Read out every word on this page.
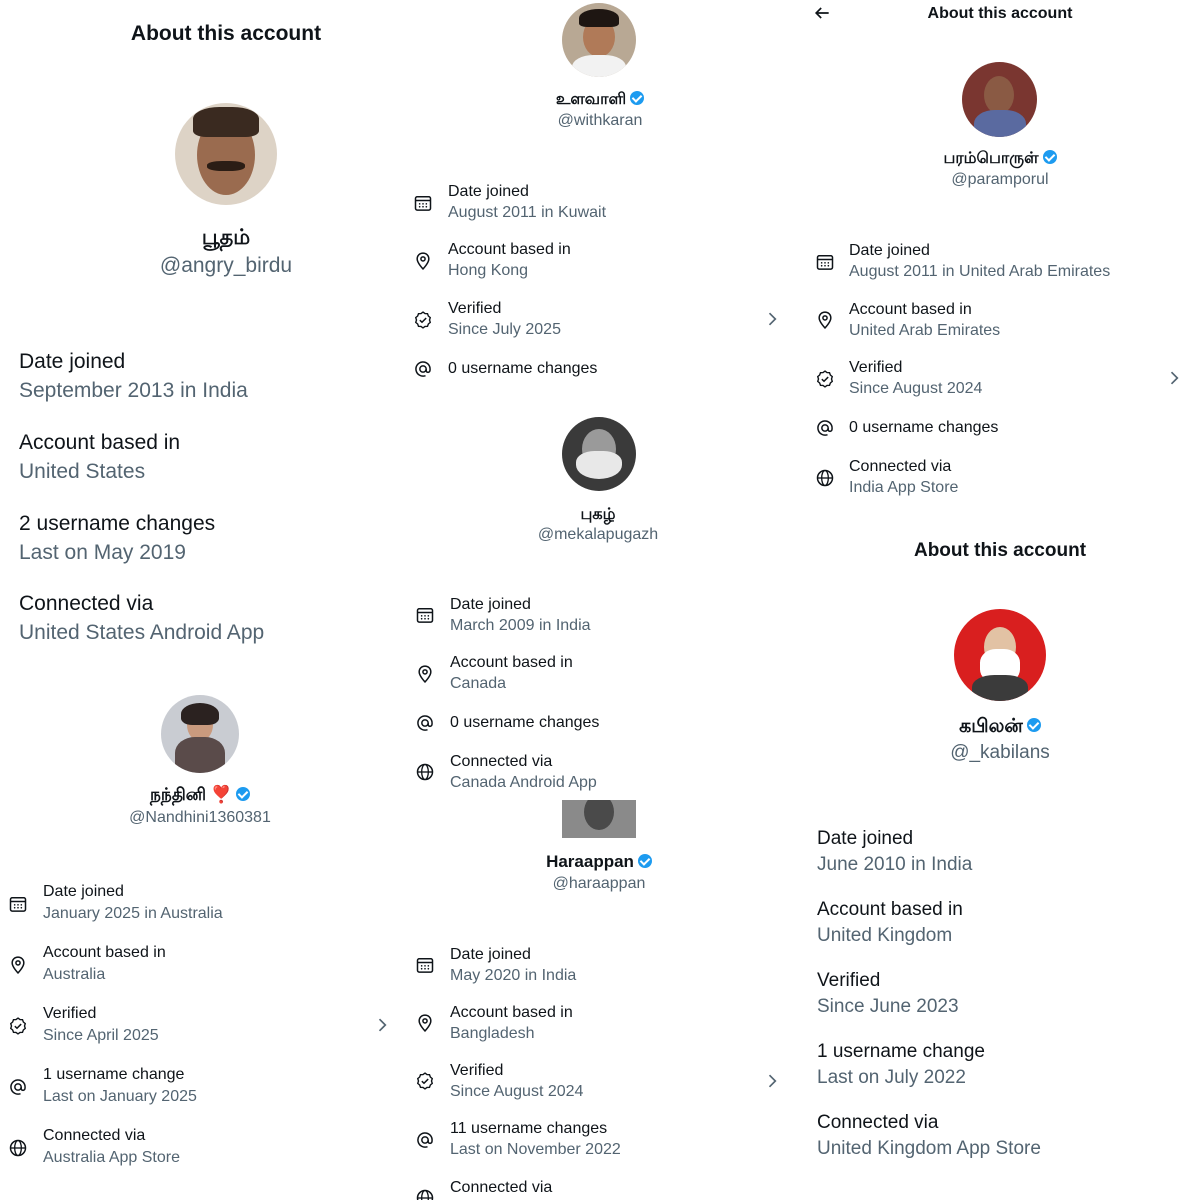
About this account
பூதம்
@angry_birdu
Date joined
September 2013 in India
Account based in
United States
2 username changes
Last on May 2019
Connected via
United States Android App
நந்தினி ❣️
@Nandhini1360381
Date joined
January 2025 in Australia
Account based in
Australia
Verified
Since April 2025
1 username change
Last on January 2025
Connected via
Australia App Store
உளவாளி
@withkaran
Date joined
August 2011 in Kuwait
Account based in
Hong Kong
Verified
Since July 2025
0 username changes
புகழ்
@mekalapugazh
Date joined
March 2009 in India
Account based in
Canada
0 username changes
Connected via
Canada Android App
Haraappan
@haraappan
Date joined
May 2020 in India
Account based in
Bangladesh
Verified
Since August 2024
11 username changes
Last on November 2022
Connected via
About this account
பரம்பொருள்
@paramporul
Date joined
August 2011 in United Arab Emirates
Account based in
United Arab Emirates
Verified
Since August 2024
0 username changes
Connected via
India App Store
About this account
கபிலன்
@_kabilans
Date joined
June 2010 in India
Account based in
United Kingdom
Verified
Since June 2023
1 username change
Last on July 2022
Connected via
United Kingdom App Store
